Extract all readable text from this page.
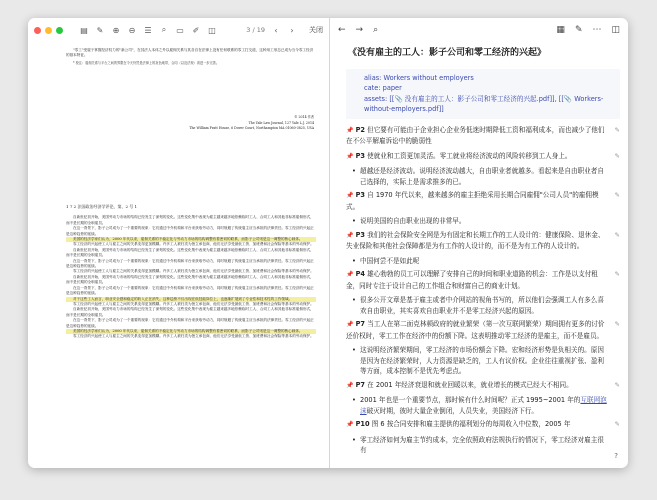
▤ ✎ ⊕ ⊖ ☰	⌕	▭ ✐ ◫	3 / 19	‹	›	关闭

"零工"受雇于掌握经济权力的"新公司"，在其法人本体之外以雇佣关系与其各自在法律上没有任何联系的零工打交道，这种用工形态已成为当今零工经济的基本特征。

* 校注：雇佣关系与平台之间的界限在今天仍然是法律上的灰色地带，合同（以及法规）须进一步完善。

© 2014 作者
The Yale Law Journal, 127 Yale L.J. 2014
The William Pratt House, 6 Dover Court, Northampton MA 01060-3825, USA
1 7 2 法国政治经济学评论，第、2 号 1

自新世纪初开始，美国劳动力市场的结构已经发生了深刻的变化。这些变化集中表现为雇主越来越多地依赖临时工人、合同工人和其他非标准雇佣形式，而不是长期的全职雇员。

在这一背景下，影子公司成为了一个重要的现象：它们通过中介机构和平台来获取劳动力，同时规避了传统雇主应当承担的法律责任。零工经济的兴起正是这种趋势的延续。

美国的经济学家们认为，2000 年代以来，雇佣关系的不稳定化与劳动力市场的结构调整有着密切的联系，而影子公司则是这一调整的核心载体。

零工经济的兴起使工人与雇主之间的关系变得更加模糊。许多工人被归类为独立承包商，他们无法享受最低工资、加班费和社会保险等基本的劳动保护。

自新世纪初开始，美国劳动力市场的结构已经发生了深刻的变化。这些变化集中表现为雇主越来越多地依赖临时工人、合同工人和其他非标准雇佣形式，而不是长期的全职雇员。

在这一背景下，影子公司成为了一个重要的现象：它们通过中介机构和平台来获取劳动力，同时规避了传统雇主应当承担的法律责任。零工经济的兴起正是这种趋势的延续。

零工经济的兴起使工人与雇主之间的关系变得更加模糊。许多工人被归类为独立承包商，他们无法享受最低工资、加班费和社会保险等基本的劳动保护。

自新世纪初开始，美国劳动力市场的结构已经发生了深刻的变化。这些变化集中表现为雇主越来越多地依赖临时工人、合同工人和其他非标准雇佣形式，而不是长期的全职雇员。

在这一背景下，影子公司成为了一个重要的现象：它们通过中介机构和平台来获取劳动力，同时规避了传统雇主应当承担的法律责任。零工经济的兴起正是这种趋势的延续。

对于这些工人而言，职业安全感和稳定的收入正在消失。这种趋势不仅出现在低技能岗位上，也逐渐扩展到了专业性和技术性的工作领域。

零工经济的兴起使工人与雇主之间的关系变得更加模糊。许多工人被归类为独立承包商，他们无法享受最低工资、加班费和社会保险等基本的劳动保护。

自新世纪初开始，美国劳动力市场的结构已经发生了深刻的变化。这些变化集中表现为雇主越来越多地依赖临时工人、合同工人和其他非标准雇佣形式，而不是长期的全职雇员。

在这一背景下，影子公司成为了一个重要的现象：它们通过中介机构和平台来获取劳动力，同时规避了传统雇主应当承担的法律责任。零工经济的兴起正是这种趋势的延续。

美国的经济学家们认为，2000 年代以来，雇佣关系的不稳定化与劳动力市场的结构调整有着密切的联系，而影子公司则是这一调整的核心载体。

零工经济的兴起使工人与雇主之间的关系变得更加模糊。许多工人被归类为独立承包商，他们无法享受最低工资、加班费和社会保险等基本的劳动保护。

← → ⌕	▦ ✎ ⋯ ◫
《没有雇主的工人：影子公司和零工经济的兴起》
alias: Workers without employers
cate: paper
assets: [[📎 没有雇主的工人：影子公司和零工经济的兴起.pdf]], [[📎 Workers-without-employers.pdf]]
📌 P2 但它要有可能由于企业担心企业务低迷时期降低工资和福利成本，而也减少了他们在不公平解雇诉讼中的脆弱性
✎
📌 P3 使就业和工资更加灵活。零工就业将经济波动的风险转移到工人身上。	✎
• 超越还是经济波动。说明经济波动越大，自由职业者就越多。看起来是自由职业者自己选择的，实际上是需求推多的已。
📌 P3 自 1970 年代以来，越来越多的雇主拒绝采用长期合同雇佣"公司人员"的雇佣模式。
✎
• 说明美国的自由职业出现的非常早。
📌 P3 我们的社会保险安全网是为有固定和长期工作的工人设计的：健康保险、退休金、失业保险和其他社会保障都是为有工作的人设计的，而不是为有工作的人设计的。
✎
• 中国何尝不是如此呢
📌 P4 雄心勃勃的员工可以理解了安排自己的时间和职业道路的机会：工作是以支付租金，同时专注于设计自己的工作组合和财富自己的商业计划。
✎
• 很多公开文章是基于雇主或者中介网站的视角书写的，所以他们会强调工人有多么喜欢自由职业，其实喜欢自由职业并不是零工经济兴起的原因。
📌 P7 当工人在第二面克林顿政府的就业繁荣（第一次互联网繁荣）期间拥有更多的讨价还价权时，零工工作在经济中的份额下降。这表明推动零工经济的是雇主，而不是雇员。
✎
• 这说明经济繁荣期间，零工经济的市场份额会下降。宏和经济形势是负相关的。原因是因为在经济繁荣时，人力资源是缺乏的，工人有议价权。企业往往重视扩张、盈利等方面，成本控制不是优先考虑点。
📌 P7 在 2001 年经济衰退和就业回暖以来，就业增长的模式已经大不相同。	✎
• 2001 年也是一个重要节点，那时候有什么时间呢？正式 1995~2001 年的互联网泡沫破灭时期，彼时大量企业倒闭，人员失业，美国经济下行。
📌 P10 图 6 按合同安排和雇主提供的福利划分的每周收入中位数，2005 年	✎
• 零工经济如何为雇主节约成本，完全依照政府法规执行的情况下，零工经济对雇主很有
?
